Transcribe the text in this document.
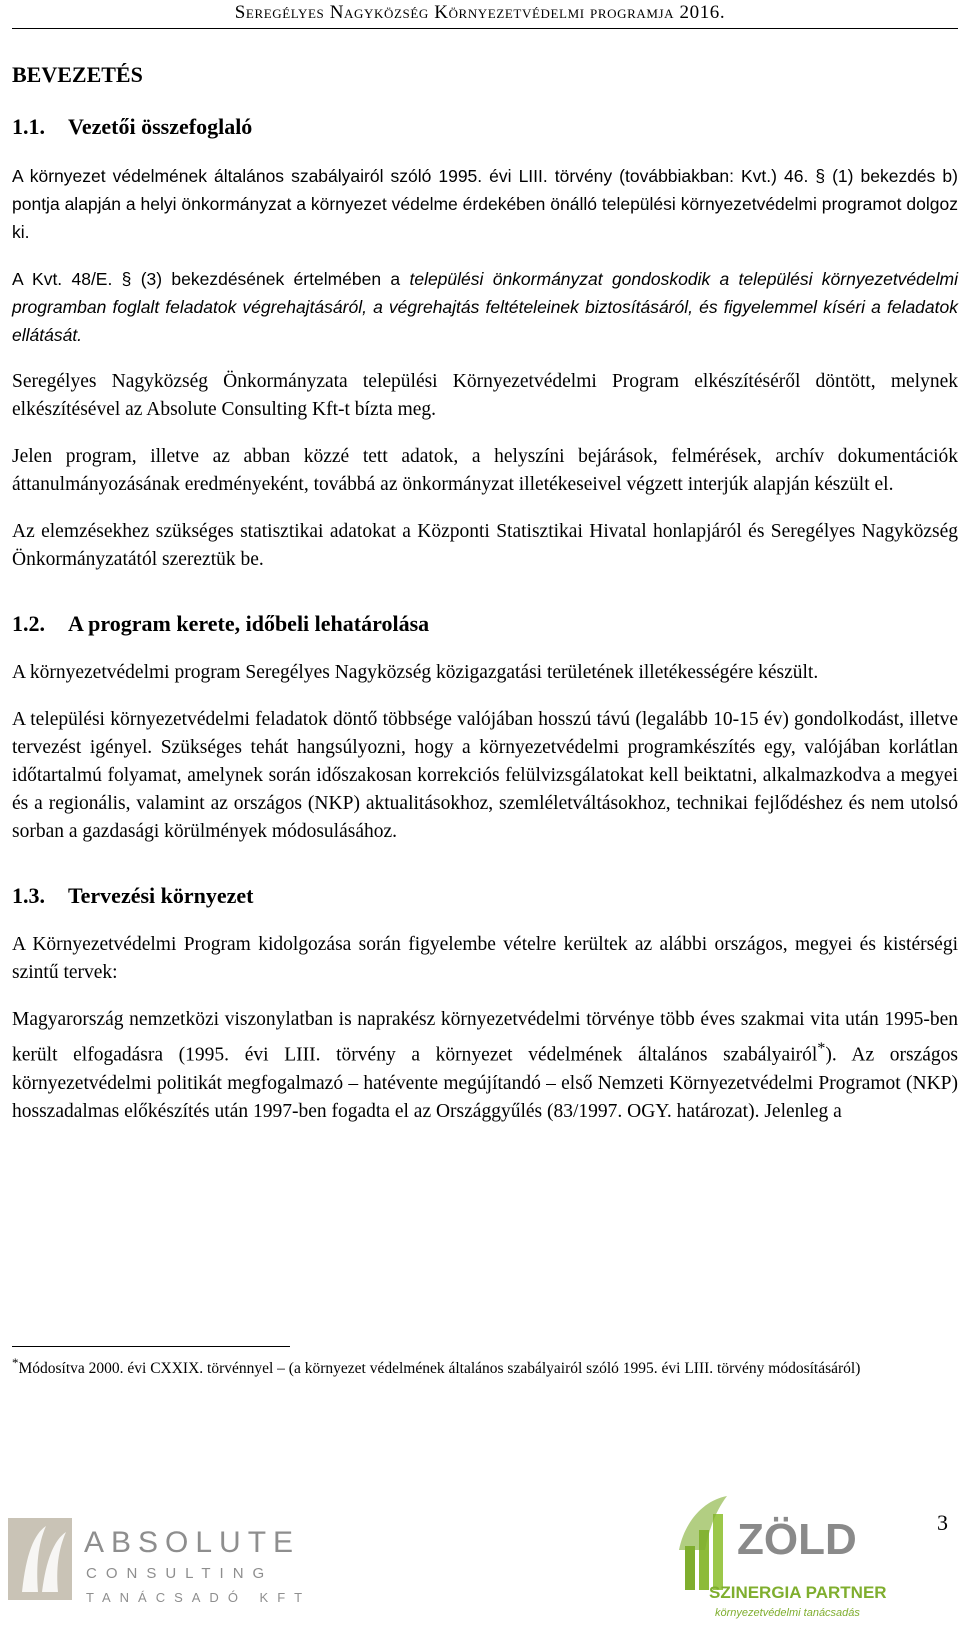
Seregélyes Nagyközség Környezetvédelmi programja 2016.
BEVEZETÉS
1.1.	Vezetői összefoglaló

A környezet védelmének általános szabályairól szóló 1995. évi LIII. törvény (továbbiakban: Kvt.) 46. § (1) bekezdés b) pontja alapján a helyi önkormányzat a környezet védelme érdekében önálló települési környezetvédelmi programot dolgoz ki.

A Kvt. 48/E. § (3) bekezdésének értelmében a települési önkormányzat gondoskodik a települési környezetvédelmi programban foglalt feladatok végrehajtásáról, a végrehajtás feltételeinek biztosításáról, és figyelemmel kíséri a feladatok ellátását.

Seregélyes Nagyközség Önkormányzata települési Környezetvédelmi Program elkészítéséről döntött, melynek elkészítésével az Absolute Consulting Kft-t bízta meg.

Jelen program, illetve az abban közzé tett adatok, a helyszíni bejárások, felmérések, archív dokumentációk áttanulmányozásának eredményeként, továbbá az önkormányzat illetékeseivel végzett interjúk alapján készült el.

Az elemzésekhez szükséges statisztikai adatokat a Központi Statisztikai Hivatal honlapjáról és Seregélyes Nagyközség Önkormányzatától szereztük be.

1.2.	A program kerete, időbeli lehatárolása

A környezetvédelmi program Seregélyes Nagyközség közigazgatási területének illetékességére készült.

A települési környezetvédelmi feladatok döntő többsége valójában hosszú távú (legalább 10-15 év) gondolkodást, illetve tervezést igényel. Szükséges tehát hangsúlyozni, hogy a környezetvédelmi programkészítés egy, valójában korlátlan időtartalmú folyamat, amelynek során időszakosan korrekciós felülvizsgálatokat kell beiktatni, alkalmazkodva a megyei és a regionális, valamint az országos (NKP) aktualitásokhoz, szemléletváltásokhoz, technikai fejlődéshez és nem utolsó sorban a gazdasági körülmények módosulásához.

1.3.	Tervezési környezet

A Környezetvédelmi Program kidolgozása során figyelembe vételre kerültek az alábbi országos, megyei és kistérségi szintű tervek:

Magyarország nemzetközi viszonylatban is naprakész környezetvédelmi törvénye több éves szakmai vita után 1995-ben került elfogadásra (1995. évi LIII. törvény a környezet védelmének általános szabályairól*). Az országos környezetvédelmi politikát megfogalmazó – hatévente megújítandó – első Nemzeti Környezetvédelmi Programot (NKP) hosszadalmas előkészítés után 1997-ben fogadta el az Országgyűlés (83/1997. OGY. határozat). Jelenleg a

*Módosítva 2000. évi CXXIX. törvénnyel – (a környezet védelmének általános szabályairól szóló 1995. évi LIII. törvény módosításáról)
ABSOLUTE
CONSULTING
TANÁCSADÓ KFT
ZÖLD
SZINERGIA PARTNER
környezetvédelmi tanácsadás
3
